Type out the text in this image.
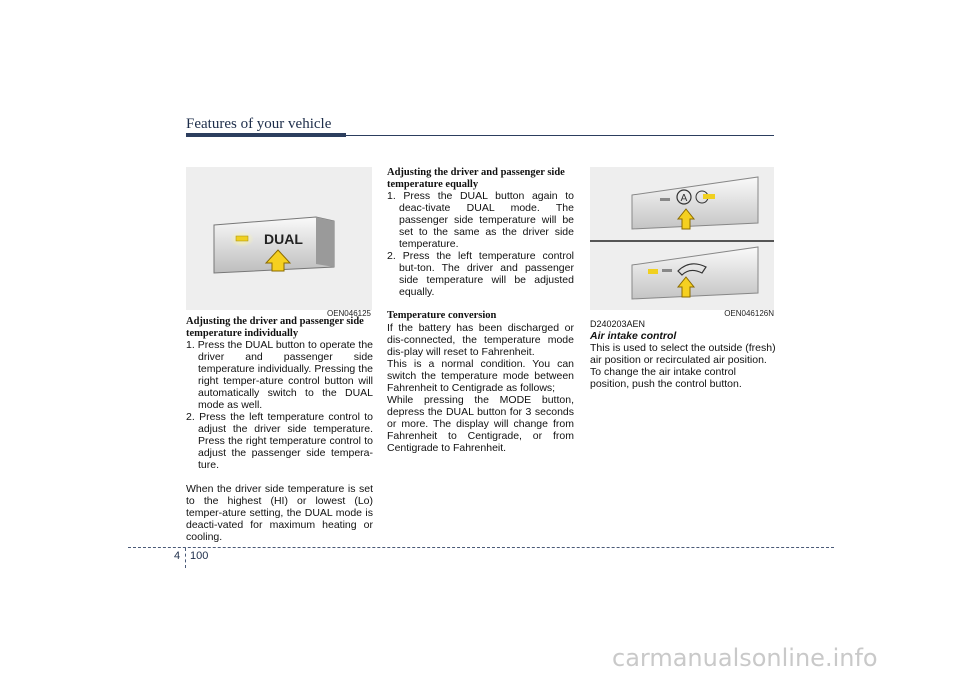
Features of your vehicle
DUAL
OEN046125
A
OEN046126N

Adjusting the driver and passenger side temperature individually

1. Press the DUAL button to operate the driver and passenger side temperature individually. Pressing the right temper-ature control button will automatically switch to the DUAL mode as well.
2. Press the left temperature control to adjust the driver side temperature. Press the right temperature control to adjust the passenger side tempera-ture.

When the driver side temperature is set to the highest (HI) or lowest (Lo) temper-ature setting, the DUAL mode is deacti-vated for maximum heating or cooling.

Adjusting the driver and passenger side temperature equally

1. Press the DUAL button again to deac-tivate DUAL mode. The passenger side temperature will be set to the same as the driver side temperature.
2. Press the left temperature control but-ton. The driver and passenger side temperature will be adjusted equally.

Temperature conversion

If the battery has been discharged or dis-connected, the temperature mode dis-play will reset to Fahrenheit.

This is a normal condition. You can switch the temperature mode between Fahrenheit to Centigrade as follows;

While pressing the MODE button, depress the DUAL button for 3 seconds or more. The display will change from Fahrenheit to Centigrade, or from Centigrade to Fahrenheit.

D240203AEN

Air intake control

This is used to select the outside (fresh) air position or recirculated air position.

To change the air intake control position, push the control button.

4 100
carmanualsonline.info
